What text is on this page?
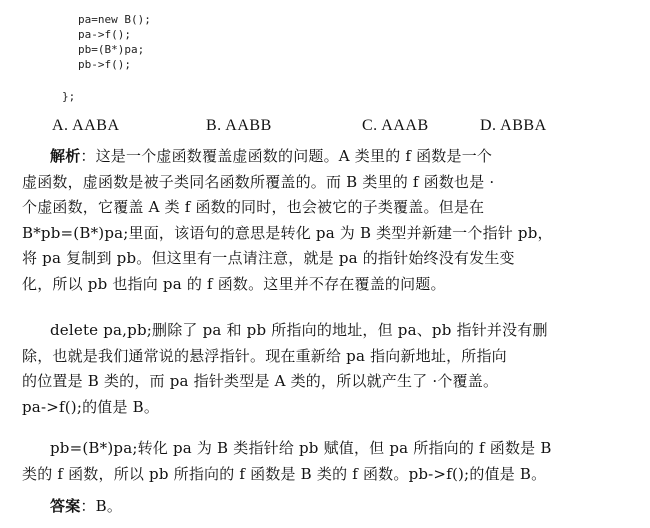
pa=new B();
pa->f();
pb=(B*)pa;
pb->f();
};
A. AABA	B. AABB	C. AAAB	D. ABBA
解析：这是一个虚函数覆盖虚函数的问题。A 类里的 f 函数是一个
虚函数，虚函数是被子类同名函数所覆盖的。而 B 类里的 f 函数也是 ·
个虚函数，它覆盖 A 类 f 函数的同时，也会被它的子类覆盖。但是在
B*pb=(B*)pa;里面，该语句的意思是转化 pa 为 B 类型并新建一个指针 pb，
将 pa 复制到 pb。但这里有一点请注意，就是 pa 的指针始终没有发生变
化，所以 pb 也指向 pa 的 f 函数。这里并不存在覆盖的问题。
delete pa,pb;删除了 pa 和 pb 所指向的地址，但 pa、pb 指针并没有删
除，也就是我们通常说的悬浮指针。现在重新给 pa 指向新地址，所指向
的位置是 B 类的，而 pa 指针类型是 A 类的，所以就产生了 ·个覆盖。
pa->f();的值是 B。
pb=(B*)pa;转化 pa 为 B 类指针给 pb 赋值，但 pa 所指向的 f 函数是 B
类的 f 函数，所以 pb 所指向的 f 函数是 B 类的 f 函数。pb->f();的值是 B。
答案：B。
